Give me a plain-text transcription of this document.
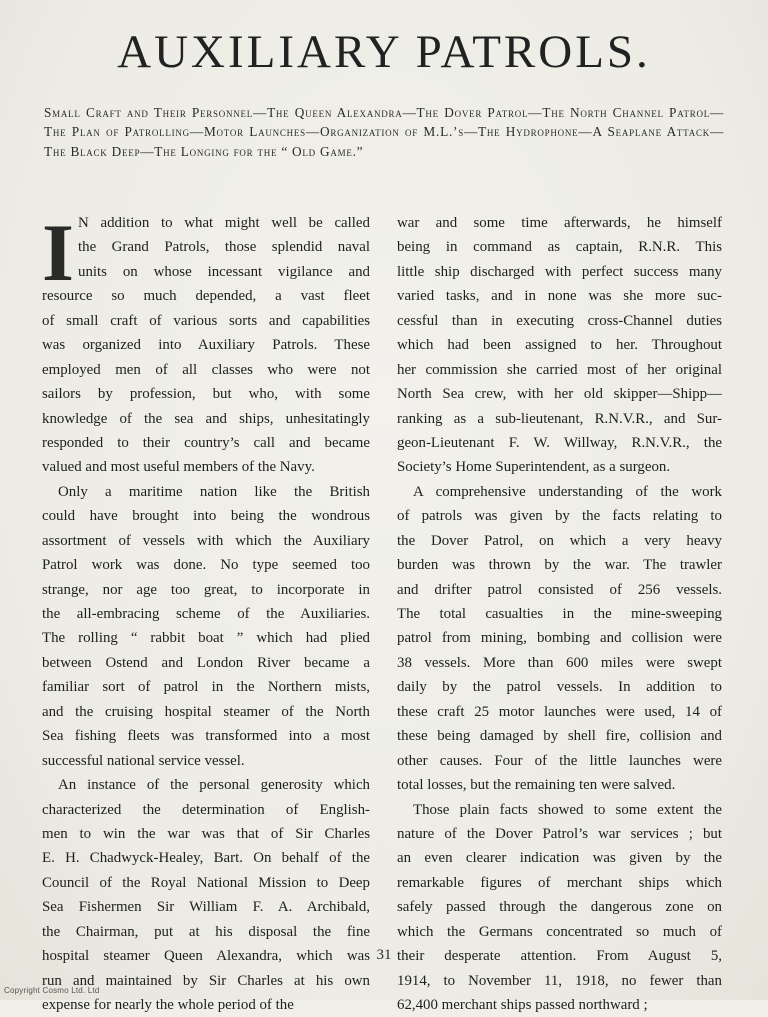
AUXILIARY PATROLS.

Small Craft and Their Personnel—The Queen Alexandra—The Dover Patrol—The North Channel Patrol—The Plan of Patrolling—Motor Launches—Organization of M.L.’s—The Hydrophone—A Seaplane Attack—The Black Deep—The Longing for the “ Old Game.”

I N addition to what might well be called
the Grand Patrols, those splendid naval
units on whose incessant vigilance and
resource so much depended, a vast fleet
of small craft of various sorts and capabilities
was organized into Auxiliary Patrols. These
employed men of all classes who were not
sailors by profession, but who, with some
knowledge of the sea and ships, unhesitatingly
responded to their country’s call and became
valued and most useful members of the Navy.
Only a maritime nation like the British
could have brought into being the wondrous
assortment of vessels with which the Auxiliary
Patrol work was done. No type seemed too
strange, nor age too great, to incorporate in
the all-embracing scheme of the Auxiliaries.
The rolling “ rabbit boat ” which had plied
between Ostend and London River became a
familiar sort of patrol in the Northern mists,
and the cruising hospital steamer of the North
Sea fishing fleets was transformed into a most
successful national service vessel.
An instance of the personal generosity which
characterized the determination of English-
men to win the war was that of Sir Charles
E. H. Chadwyck-Healey, Bart. On behalf of the
Council of the Royal National Mission to Deep
Sea Fishermen Sir William F. A. Archibald,
the Chairman, put at his disposal the fine
hospital steamer Queen Alexandra, which was
run and maintained by Sir Charles at his own
expense for nearly the whole period of the
war and some time afterwards, he himself
being in command as captain, R.N.R. This
little ship discharged with perfect success many
varied tasks, and in none was she more suc-
cessful than in executing cross-Channel duties
which had been assigned to her. Throughout
her commission she carried most of her original
North Sea crew, with her old skipper—Shipp—
ranking as a sub-lieutenant, R.N.V.R., and Sur-
geon-Lieutenant F. W. Willway, R.N.V.R., the
Society’s Home Superintendent, as a surgeon.
A comprehensive understanding of the work
of patrols was given by the facts relating to
the Dover Patrol, on which a very heavy
burden was thrown by the war. The trawler
and drifter patrol consisted of 256 vessels.
The total casualties in the mine-sweeping
patrol from mining, bombing and collision were
38 vessels. More than 600 miles were swept
daily by the patrol vessels. In addition to
these craft 25 motor launches were used, 14 of
these being damaged by shell fire, collision and
other causes. Four of the little launches were
total losses, but the remaining ten were salved.
Those plain facts showed to some extent the
nature of the Dover Patrol’s war services ; but
an even clearer indication was given by the
remarkable figures of merchant ships which
safely passed through the dangerous zone on
which the Germans concentrated so much of
their desperate attention. From August 5,
1914, to November 11, 1918, no fewer than
62,400 merchant ships passed northward ;
31
Copyright Cosmo Ltd. Ltd
